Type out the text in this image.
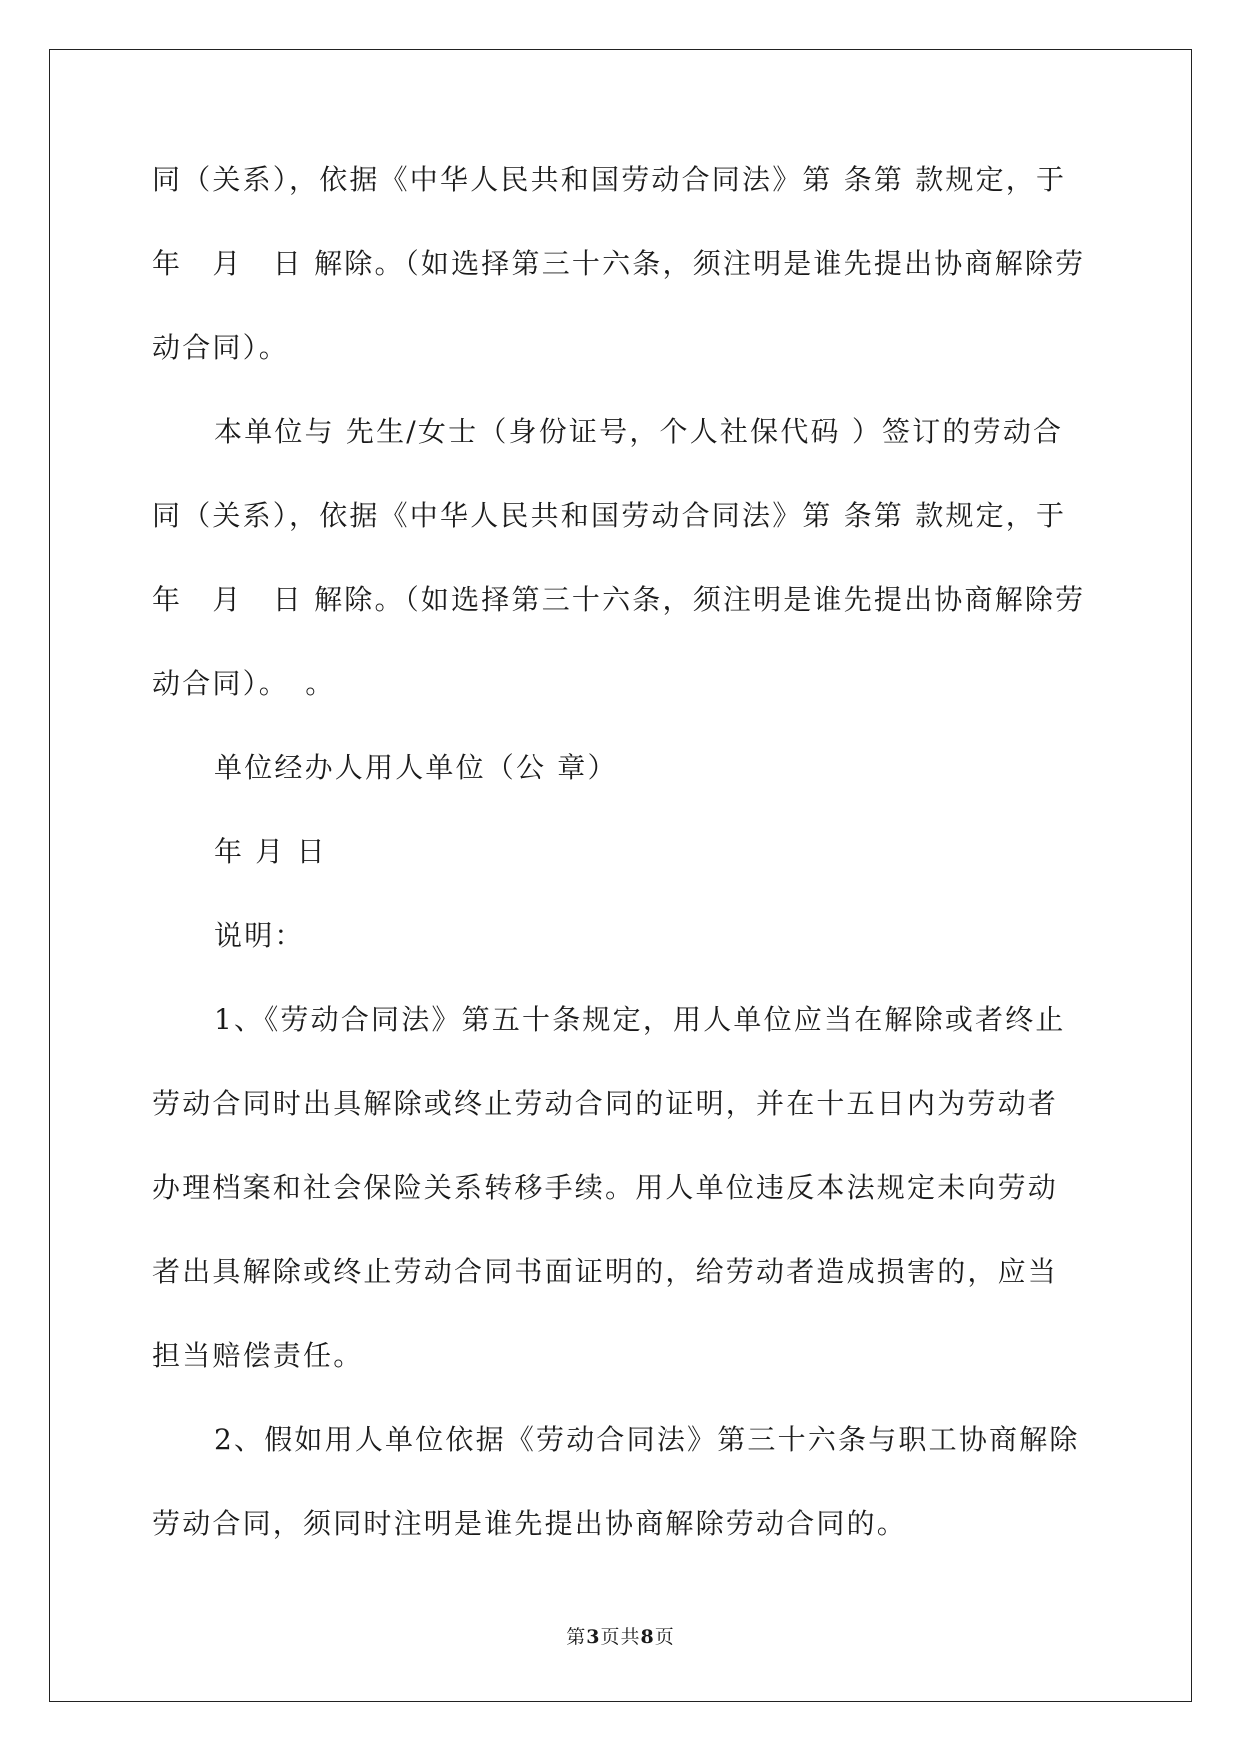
同（关系），依据《中华人民共和国劳动合同法》第 条第 款规定，于
年　月　日 解除。（如选择第三十六条，须注明是谁先提出协商解除劳
动合同）。
本单位与 先生/女士（身份证号，个人社保代码 ）签订的劳动合
同（关系），依据《中华人民共和国劳动合同法》第 条第 款规定，于
年　月　日 解除。（如选择第三十六条，须注明是谁先提出协商解除劳
动合同）。　。
单位经办人用人单位（公 章）
年 月 日
说明：
1、《劳动合同法》第五十条规定，用人单位应当在解除或者终止
劳动合同时出具解除或终止劳动合同的证明，并在十五日内为劳动者
办理档案和社会保险关系转移手续。用人单位违反本法规定未向劳动
者出具解除或终止劳动合同书面证明的，给劳动者造成损害的，应当
担当赔偿责任。
2、假如用人单位依据《劳动合同法》第三十六条与职工协商解除
劳动合同，须同时注明是谁先提出协商解除劳动合同的。
第3页共8页
